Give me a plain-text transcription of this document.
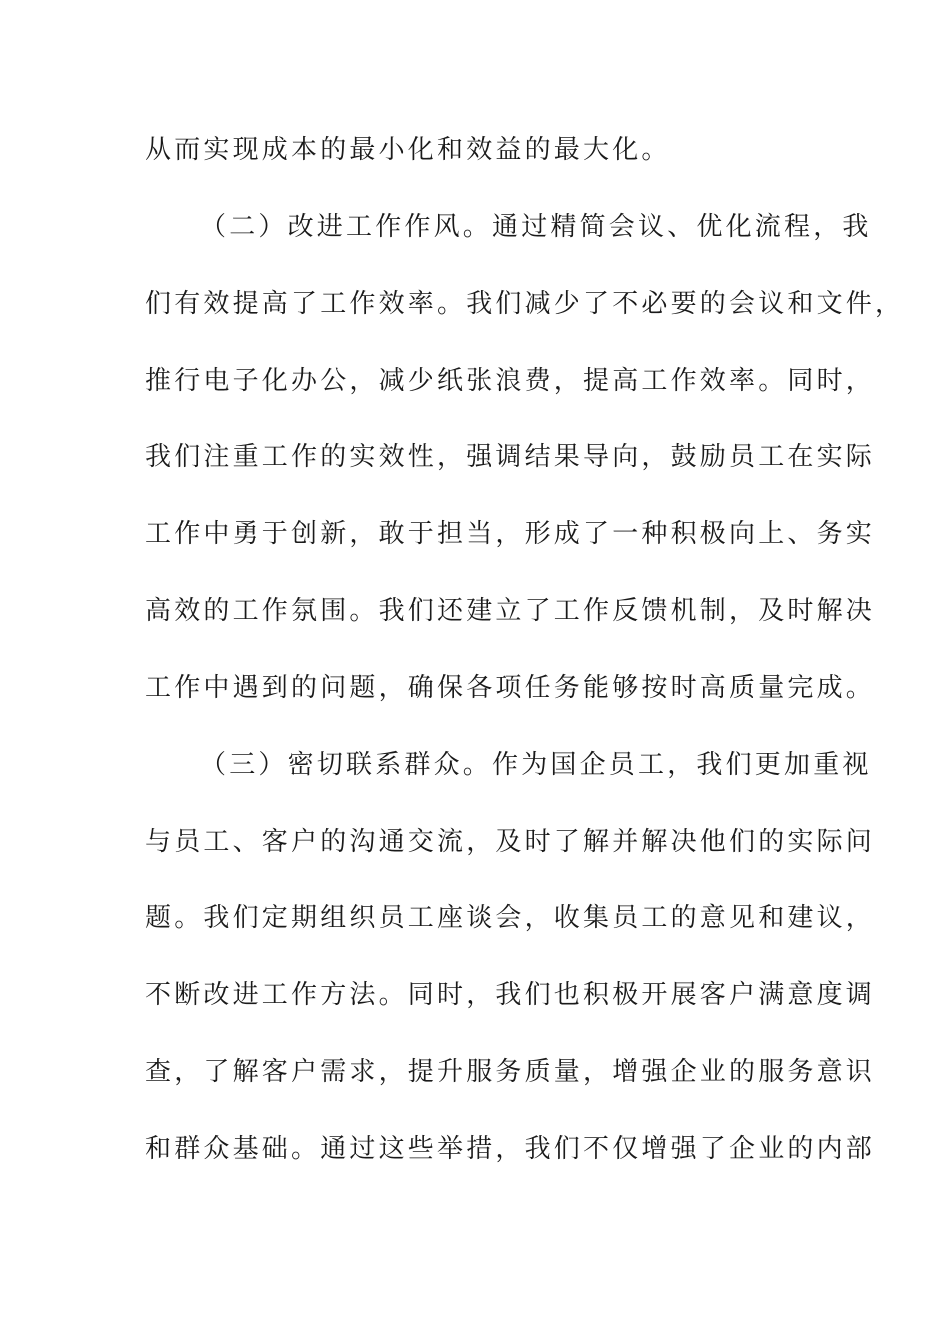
从而实现成本的最小化和效益的最大化。
（二）改进工作作风。通过精简会议、优化流程，我
们有效提高了工作效率。我们减少了不必要的会议和文件，
推行电子化办公，减少纸张浪费，提高工作效率。同时，
我们注重工作的实效性，强调结果导向，鼓励员工在实际
工作中勇于创新，敢于担当，形成了一种积极向上、务实
高效的工作氛围。我们还建立了工作反馈机制，及时解决
工作中遇到的问题，确保各项任务能够按时高质量完成。
（三）密切联系群众。作为国企员工，我们更加重视
与员工、客户的沟通交流，及时了解并解决他们的实际问
题。我们定期组织员工座谈会，收集员工的意见和建议，
不断改进工作方法。同时，我们也积极开展客户满意度调
查，了解客户需求，提升服务质量，增强企业的服务意识
和群众基础。通过这些举措，我们不仅增强了企业的内部
